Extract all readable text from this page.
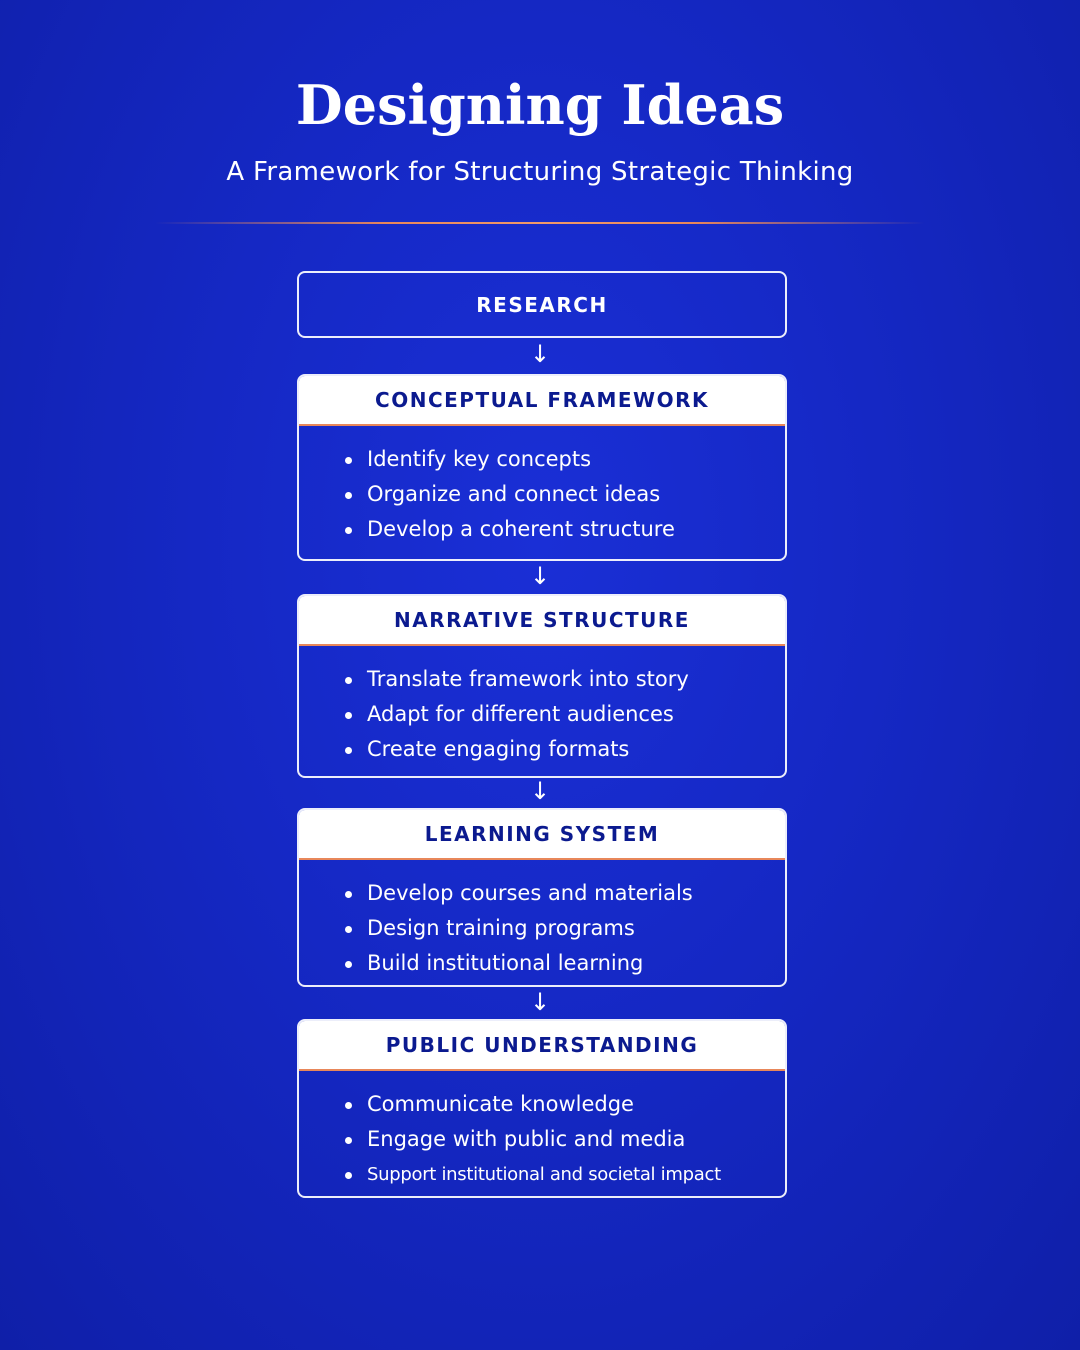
Designing Ideas
A Framework for Structuring Strategic Thinking
RESEARCH
↓
CONCEPTUAL FRAMEWORK
Identify key concepts
Organize and connect ideas
Develop a coherent structure
↓
NARRATIVE STRUCTURE
Translate framework into story
Adapt for different audiences
Create engaging formats
↓
LEARNING SYSTEM
Develop courses and materials
Design training programs
Build institutional learning
↓
PUBLIC UNDERSTANDING
Communicate knowledge
Engage with public and media
Support institutional and societal impact
